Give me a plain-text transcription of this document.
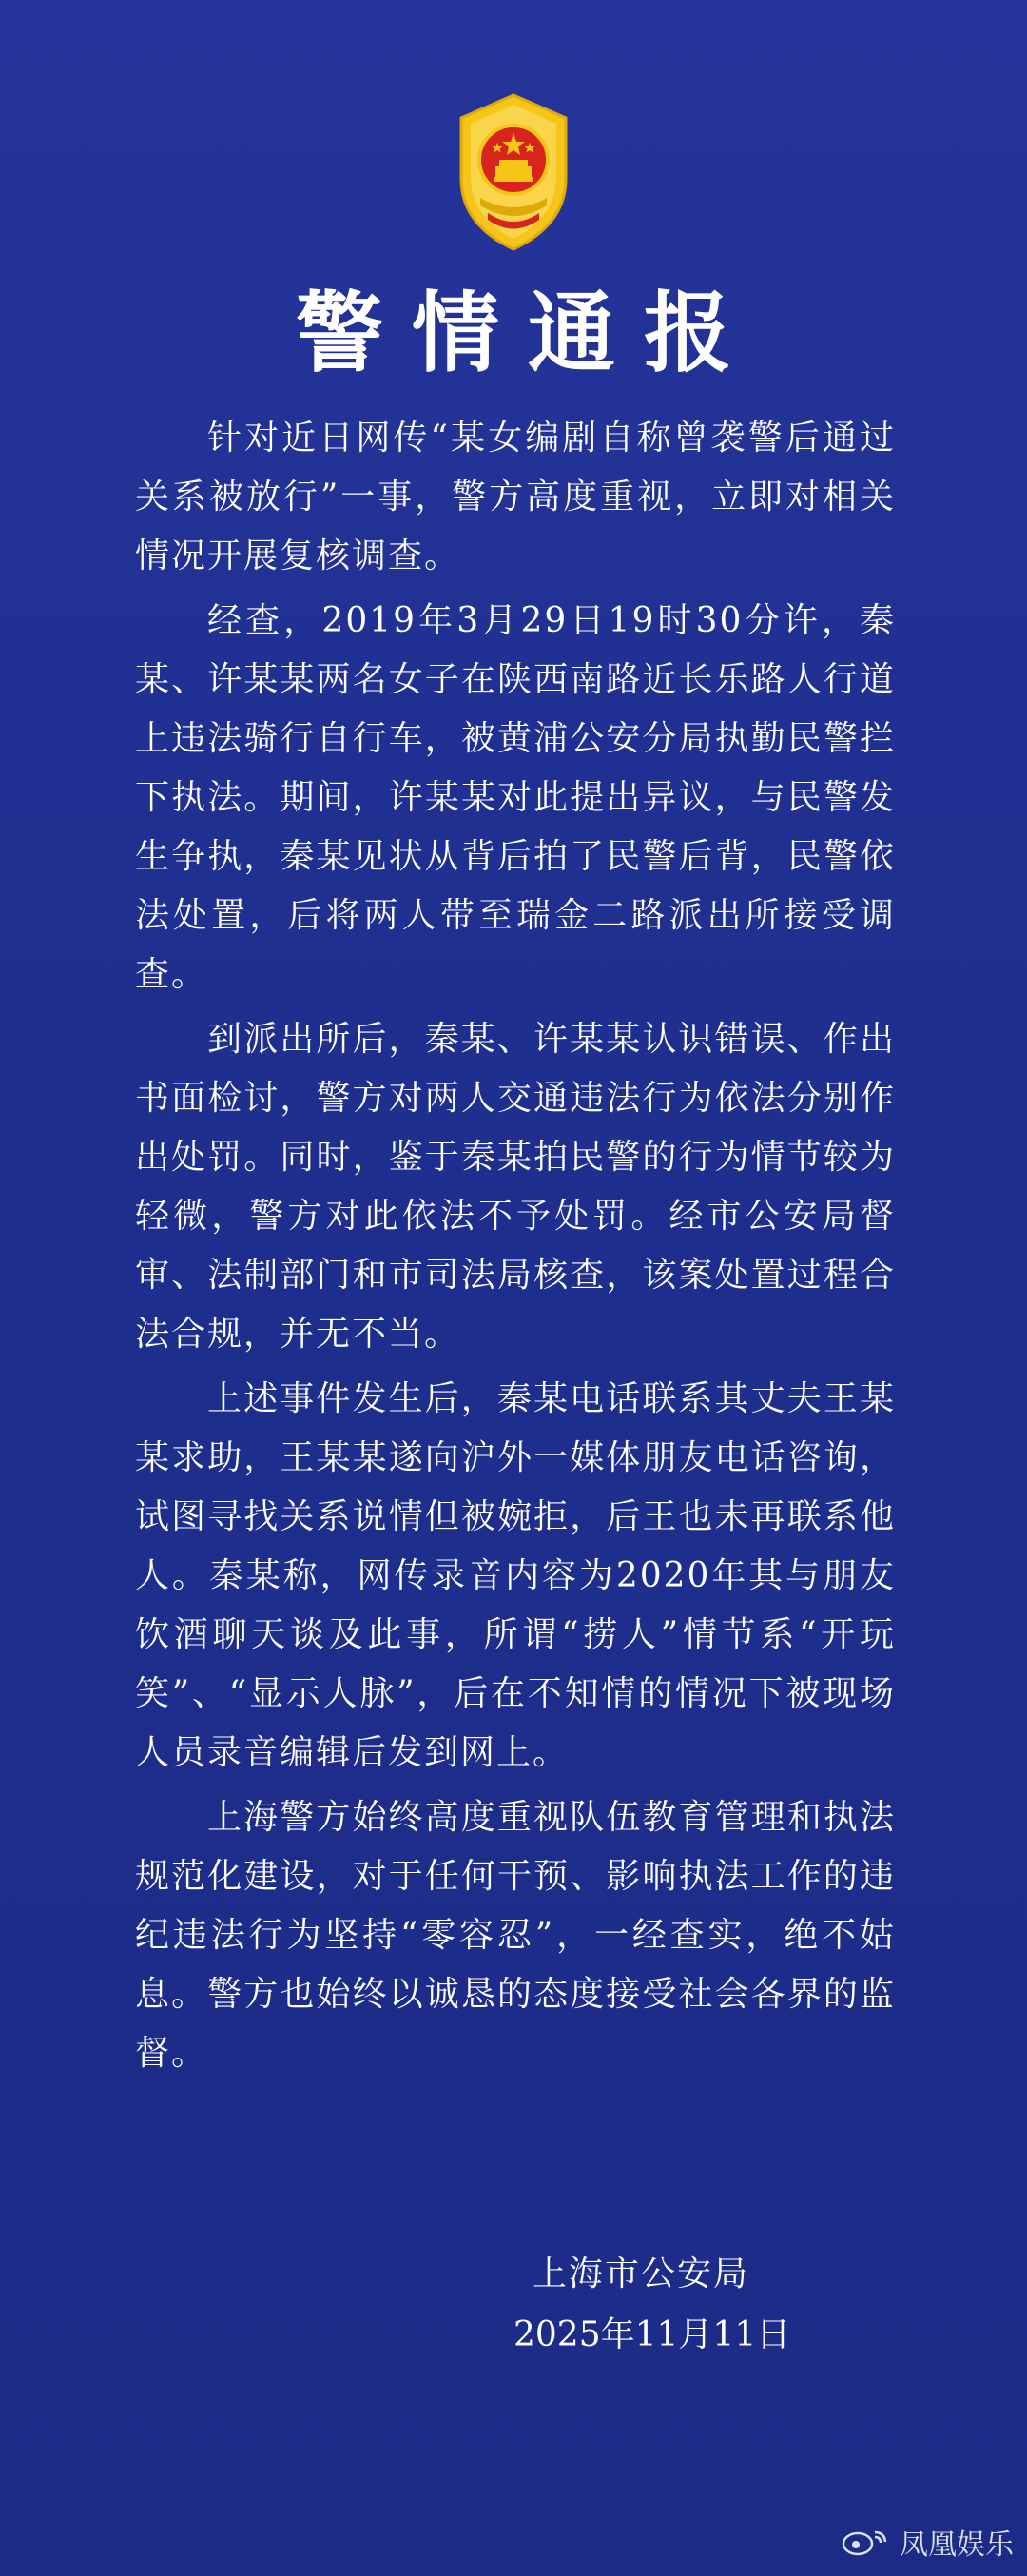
警情通报

针对近日网传“某女编剧自称曾袭警后通过关系被放行”一事，警方高度重视，立即对相关情况开展复核调查。

经查，2019年3月29日19时30分许，秦某、许某某两名女子在陕西南路近长乐路人行道上违法骑行自行车，被黄浦公安分局执勤民警拦下执法。期间，许某某对此提出异议，与民警发生争执，秦某见状从背后拍了民警后背，民警依法处置，后将两人带至瑞金二路派出所接受调查。

到派出所后，秦某、许某某认识错误、作出书面检讨，警方对两人交通违法行为依法分别作出处罚。同时，鉴于秦某拍民警的行为情节较为轻微，警方对此依法不予处罚。经市公安局督审、法制部门和市司法局核查，该案处置过程合法合规，并无不当。

上述事件发生后，秦某电话联系其丈夫王某某求助，王某某遂向沪外一媒体朋友电话咨询，试图寻找关系说情但被婉拒，后王也未再联系他人。秦某称，网传录音内容为2020年其与朋友饮酒聊天谈及此事，所谓“捞人”情节系“开玩笑”、“显示人脉”，后在不知情的情况下被现场人员录音编辑后发到网上。

上海警方始终高度重视队伍教育管理和执法规范化建设，对于任何干预、影响执法工作的违纪违法行为坚持“零容忍”，一经查实，绝不姑息。警方也始终以诚恳的态度接受社会各界的监督。

上海市公安局
2025年11月11日
凤凰娱乐
